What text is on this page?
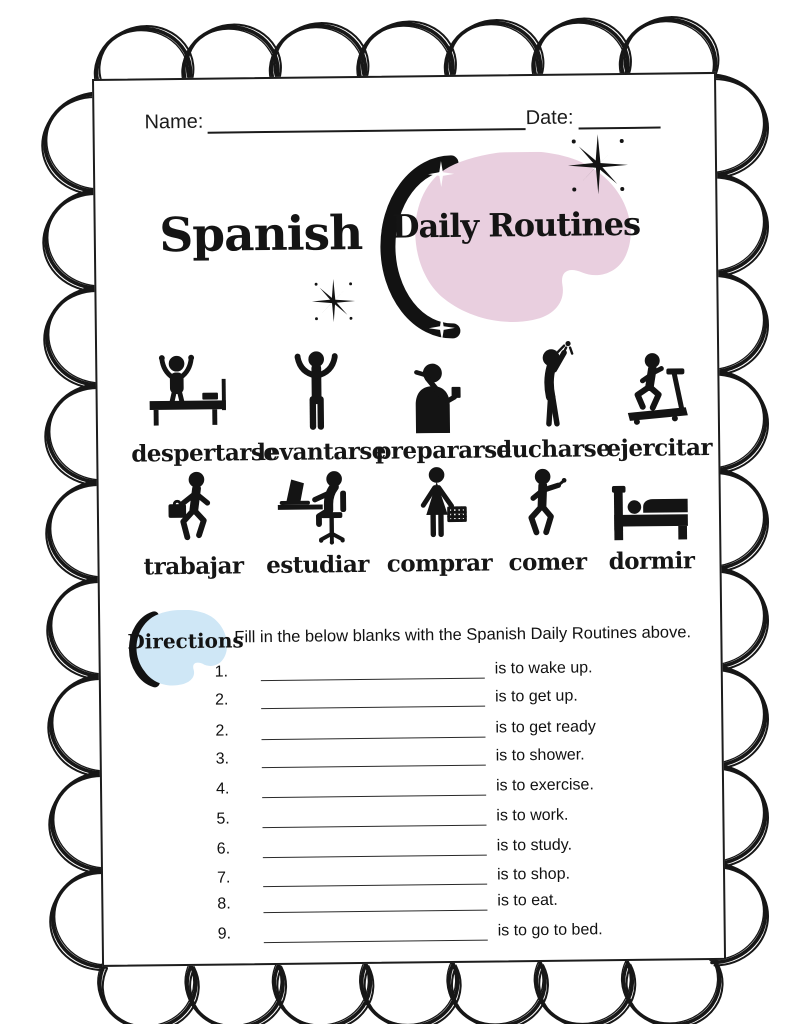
Name:	Date:
Spanish Daily Routines
despertarse
levantarse
prepararse
ducharse
ejercitar
trabajar estudiar comprar comer dormir
Directions
Fill in the below blanks with the Spanish Daily Routines above.
1.	is to wake up.
2.	is to get up.
2.	is to get ready
3.	is to shower.
4.	is to exercise.
5.	is to work.
6.	is to study.
7.	is to shop.
8.	is to eat.
9.	is to go to bed.
